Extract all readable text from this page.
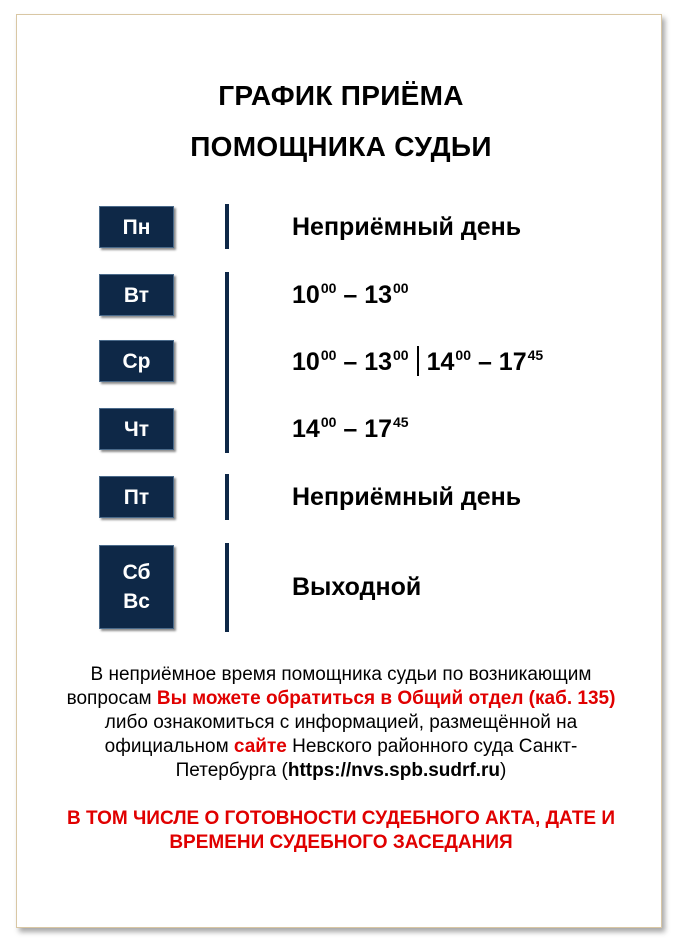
ГРАФИК ПРИЁМА
ПОМОЩНИКА СУДЬИ
Пн
Вт
Ср
Чт
Пт
Сб
Вс
Неприёмный день
$10^{00} - 13^{00}$
$10^{00} - 13^{00}$ $14^{00} - 17^{45}$
$14^{00} - 17^{45}$
Неприёмный день
Выходной
В неприёмное время помощника судьи по возникающим вопросам Вы можете обратиться в Общий отдел (каб. 135) либо ознакомиться с информацией, размещённой на официальном сайте Невского районного суда Санкт-Петербурга (https://nvs.spb.sudrf.ru)
В ТОМ ЧИСЛЕ О ГОТОВНОСТИ СУДЕБНОГО АКТА, ДАТЕ И ВРЕМЕНИ СУДЕБНОГО ЗАСЕДАНИЯ
